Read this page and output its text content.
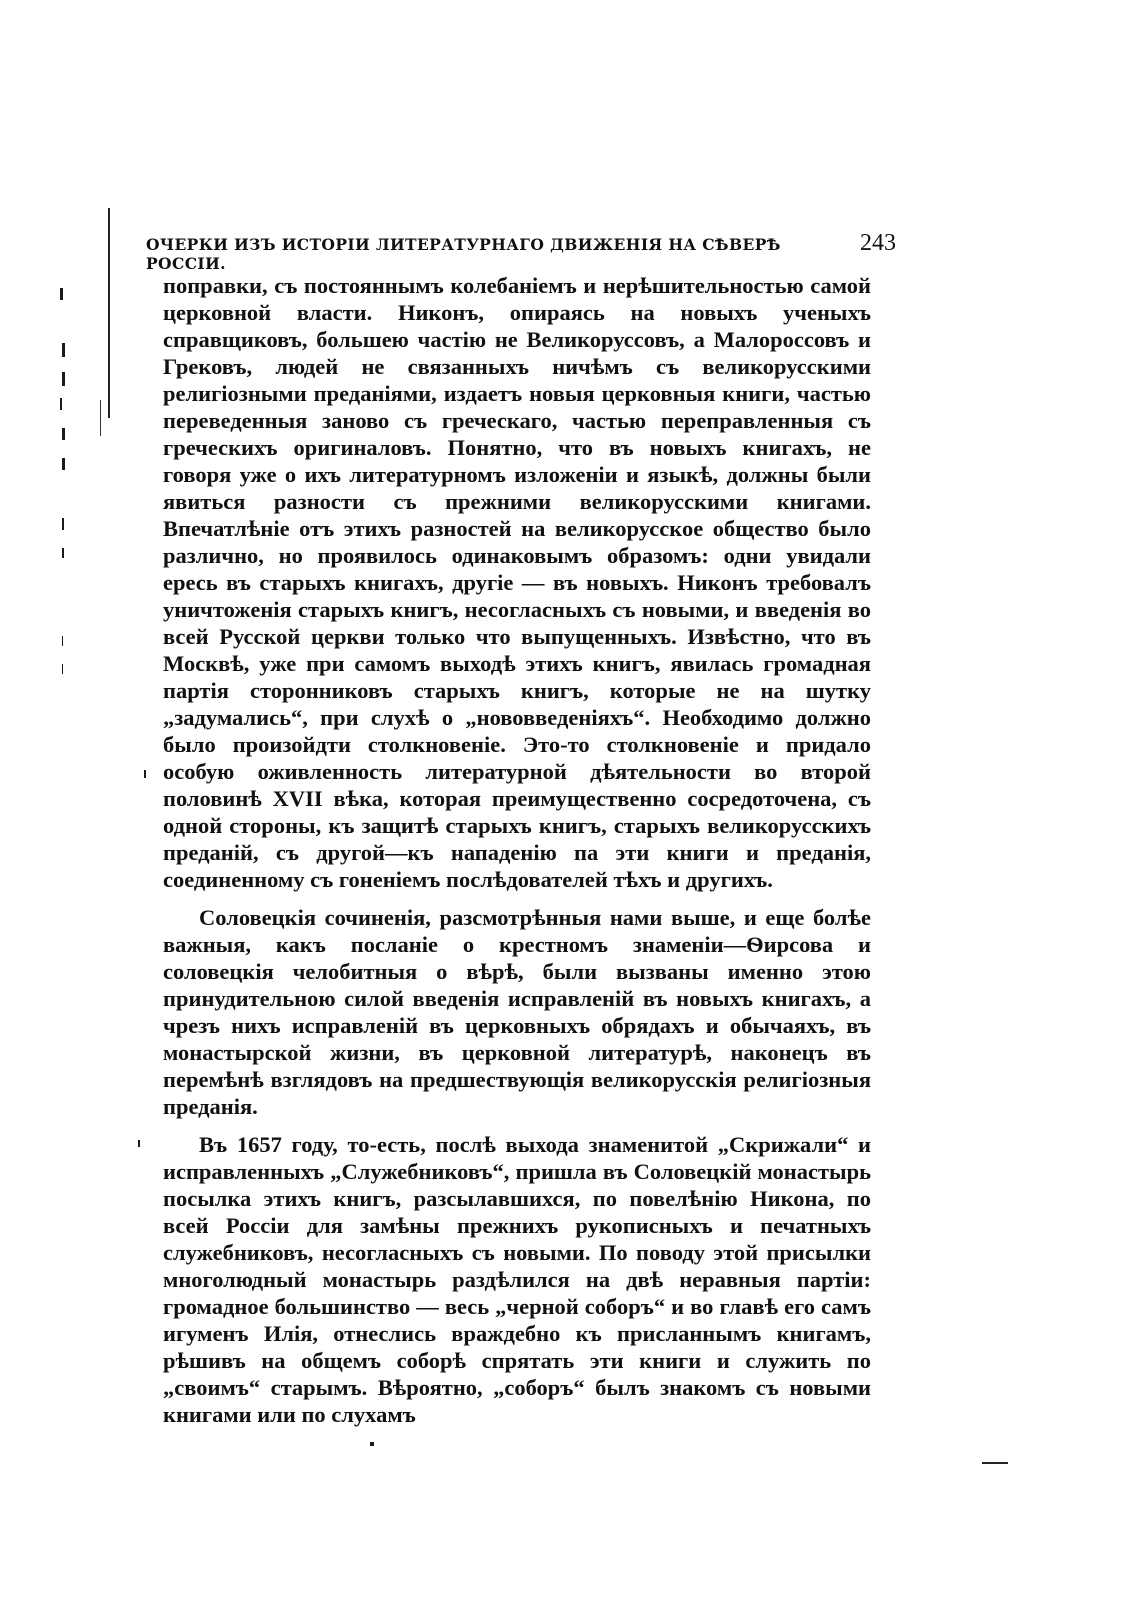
ОЧЕРКИ ИЗЪ ИСТОРІИ ЛИТЕРАТУРНАГО ДВИЖЕНІЯ НА СѢВЕРѢ РОССІИ.
243

поправки, съ постояннымъ колебаніемъ и нерѣшительностью самой церковной власти. Никонъ, опираясь на новыхъ ученыхъ справщиковъ, большею частію не Великоруссовъ, а Малороссовъ и Грековъ, людей не связанныхъ ничѣмъ съ великорусскими религіозными преданіями, издаетъ новыя церковныя книги, частью переведенныя заново съ греческаго, частью переправленныя съ греческихъ оригиналовъ. Понятно, что въ новыхъ книгахъ, не говоря уже о ихъ литературномъ изложеніи и языкѣ, должны были явиться разности съ прежними великорусскими книгами. Впечатлѣніе отъ этихъ разностей на великорусское общество было различно, но проявилось одинаковымъ образомъ: одни увидали ересь въ старыхъ книгахъ, другіе — въ новыхъ. Никонъ требовалъ уничтоженія старыхъ книгъ, несогласныхъ съ новыми, и введенія во всей Русской церкви только что выпущенныхъ. Извѣстно, что въ Москвѣ, уже при самомъ выходѣ этихъ книгъ, явилась громадная партія сторонниковъ старыхъ книгъ, которые не на шутку „задумались“, при слухѣ о „нововведеніяхъ“. Необходимо должно было произойдти столкновеніе. Это-то столкновеніе и придало особую оживленность литературной дѣятельности во второй половинѣ XVII вѣка, которая преимущественно сосредоточена, съ одной стороны, къ защитѣ старыхъ книгъ, старыхъ великорусскихъ преданій, съ другой—къ нападенію па эти книги и преданія, соединенному съ гоненіемъ послѣдователей тѣхъ и другихъ.

Соловецкія сочиненія, разсмотрѣнныя нами выше, и еще болѣе важныя, какъ посланіе о крестномъ знаменіи—Ѳирсова и соловецкія челобитныя о вѣрѣ, были вызваны именно этою принудительною силой введенія исправленій въ новыхъ книгахъ, а чрезъ нихъ исправленій въ церковныхъ обрядахъ и обычаяхъ, въ монастырской жизни, въ церковной литературѣ, наконецъ въ перемѣнѣ взглядовъ на предшествующія великорусскія религіозныя преданія.

Въ 1657 году, то-есть, послѣ выхода знаменитой „Скрижали“ и исправленныхъ „Служебниковъ“, пришла въ Соловецкій монастырь посылка этихъ книгъ, разсылавшихся, по повелѣнію Никона, по всей Россіи для замѣны прежнихъ рукописныхъ и печатныхъ служебниковъ, несогласныхъ съ новыми. По поводу этой присылки многолюдный монастырь раздѣлился на двѣ неравныя партіи: громадное большинство — весь „черной соборъ“ и во главѣ его самъ игуменъ Илія, отнеслись враждебно къ присланнымъ книгамъ, рѣшивъ на общемъ соборѣ спрятать эти книги и служить по „своимъ“ старымъ. Вѣроятно, „соборъ“ былъ знакомъ съ новыми книгами или по слухамъ
